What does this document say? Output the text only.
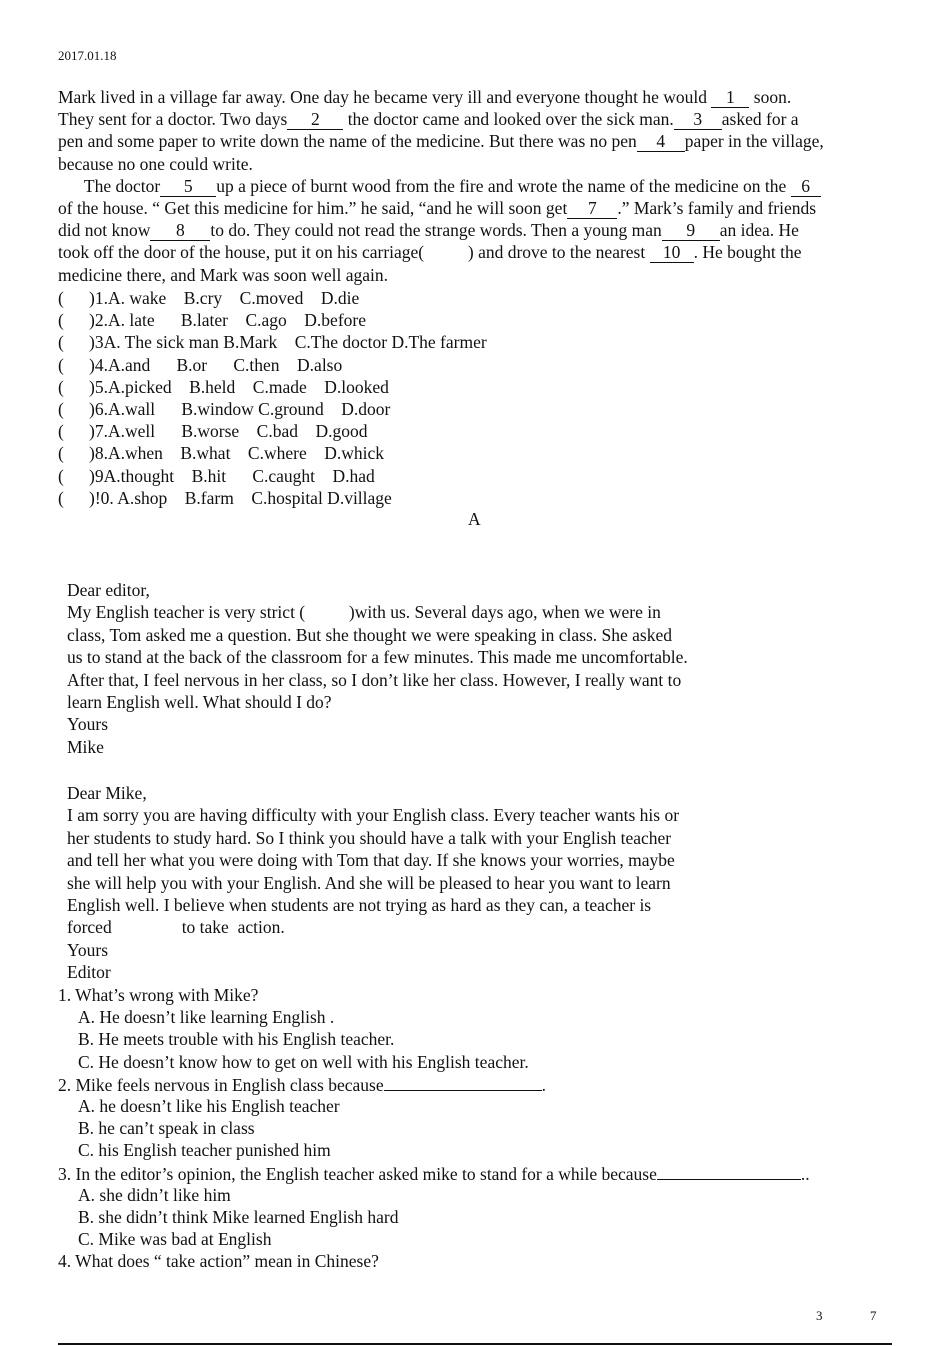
2017.01.18
Mark lived in a village far away. One day he became very ill and everyone thought he would 1 soon.
They sent for a doctor. Two days 2 the doctor came and looked over the sick man. 3 asked for a
pen and some paper to write down the name of the medicine. But there was no pen 4 paper in the village,
because no one could write.
The doctor 5 up a piece of burnt wood from the fire and wrote the name of the medicine on the 6
of the house. “ Get this medicine for him.” he said, “and he will soon get 7 .” Mark’s family and friends
did not know 8 to do. They could not read the strange words. Then a young man 9 an idea. He
took off the door of the house, put it on his carriage(          ) and drove to the nearest 10 . He bought the
medicine there, and Mark was soon well again.
( )1.A. wake    B.cry    C.moved    D.die
( )2.A. late      B.later    C.ago    D.before
( )3A. The sick man B.Mark    C.The doctor D.The farmer
( )4.A.and      B.or      C.then    D.also
( )5.A.picked    B.held    C.made    D.looked
( )6.A.wall      B.window C.ground    D.door
( )7.A.well      B.worse    C.bad    D.good
( )8.A.when    B.what    C.where    D.whick
( )9A.thought    B.hit      C.caught    D.had
( )!0. A.shop    B.farm    C.hospital D.village
A
Dear editor,
My English teacher is very strict (          )with us. Several days ago, when we were in
class, Tom asked me a question. But she thought we were speaking in class. She asked
us to stand at the back of the classroom for a few minutes. This made me uncomfortable.
After that, I feel nervous in her class, so I don’t like her class. However, I really want to
learn English well. What should I do?
Yours
Mike
Dear Mike,
I am sorry you are having difficulty with your English class. Every teacher wants his or
her students to study hard. So I think you should have a talk with your English teacher
and tell her what you were doing with Tom that day. If she knows your worries, maybe
she will help you with your English. And she will be pleased to hear you want to learn
English well. I believe when students are not trying as hard as they can, a teacher is
forced                to take  action.
Yours
Editor
1. What’s wrong with Mike?
A. He doesn’t like learning English .
B. He meets trouble with his English teacher.
C. He doesn’t know how to get on well with his English teacher.
2. Mike feels nervous in English class because	.
A. he doesn’t like his English teacher
B. he can’t speak in class
C. his English teacher punished him
3. In the editor’s opinion, the English teacher asked mike to stand for a while because	..
A. she didn’t like him
B. she didn’t think Mike learned English hard
C. Mike was bad at English
4. What does “ take action” mean in Chinese?
3	7
